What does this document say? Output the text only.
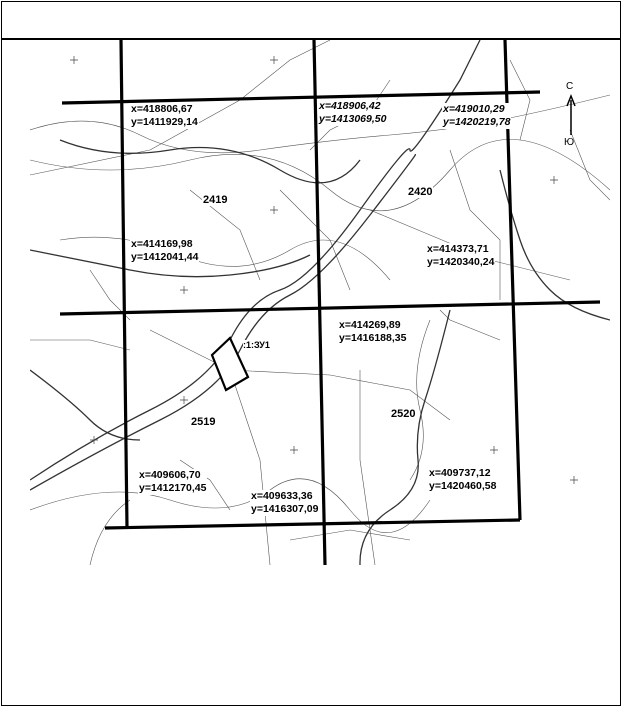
x=418806,67
y=1411929,14
x=418906,42
y=1413069,50
x=419010,29
y=1420219,78
x=414169,98
y=1412041,44
x=414373,71
y=1420340,24
x=414269,89
y=1416188,35
x=409606,70
y=1412170,45
x=409633,36
y=1416307,09
x=409737,12
y=1420460,58
2419
2420
2519
2520
:1:ЗУ1
С
Ю
